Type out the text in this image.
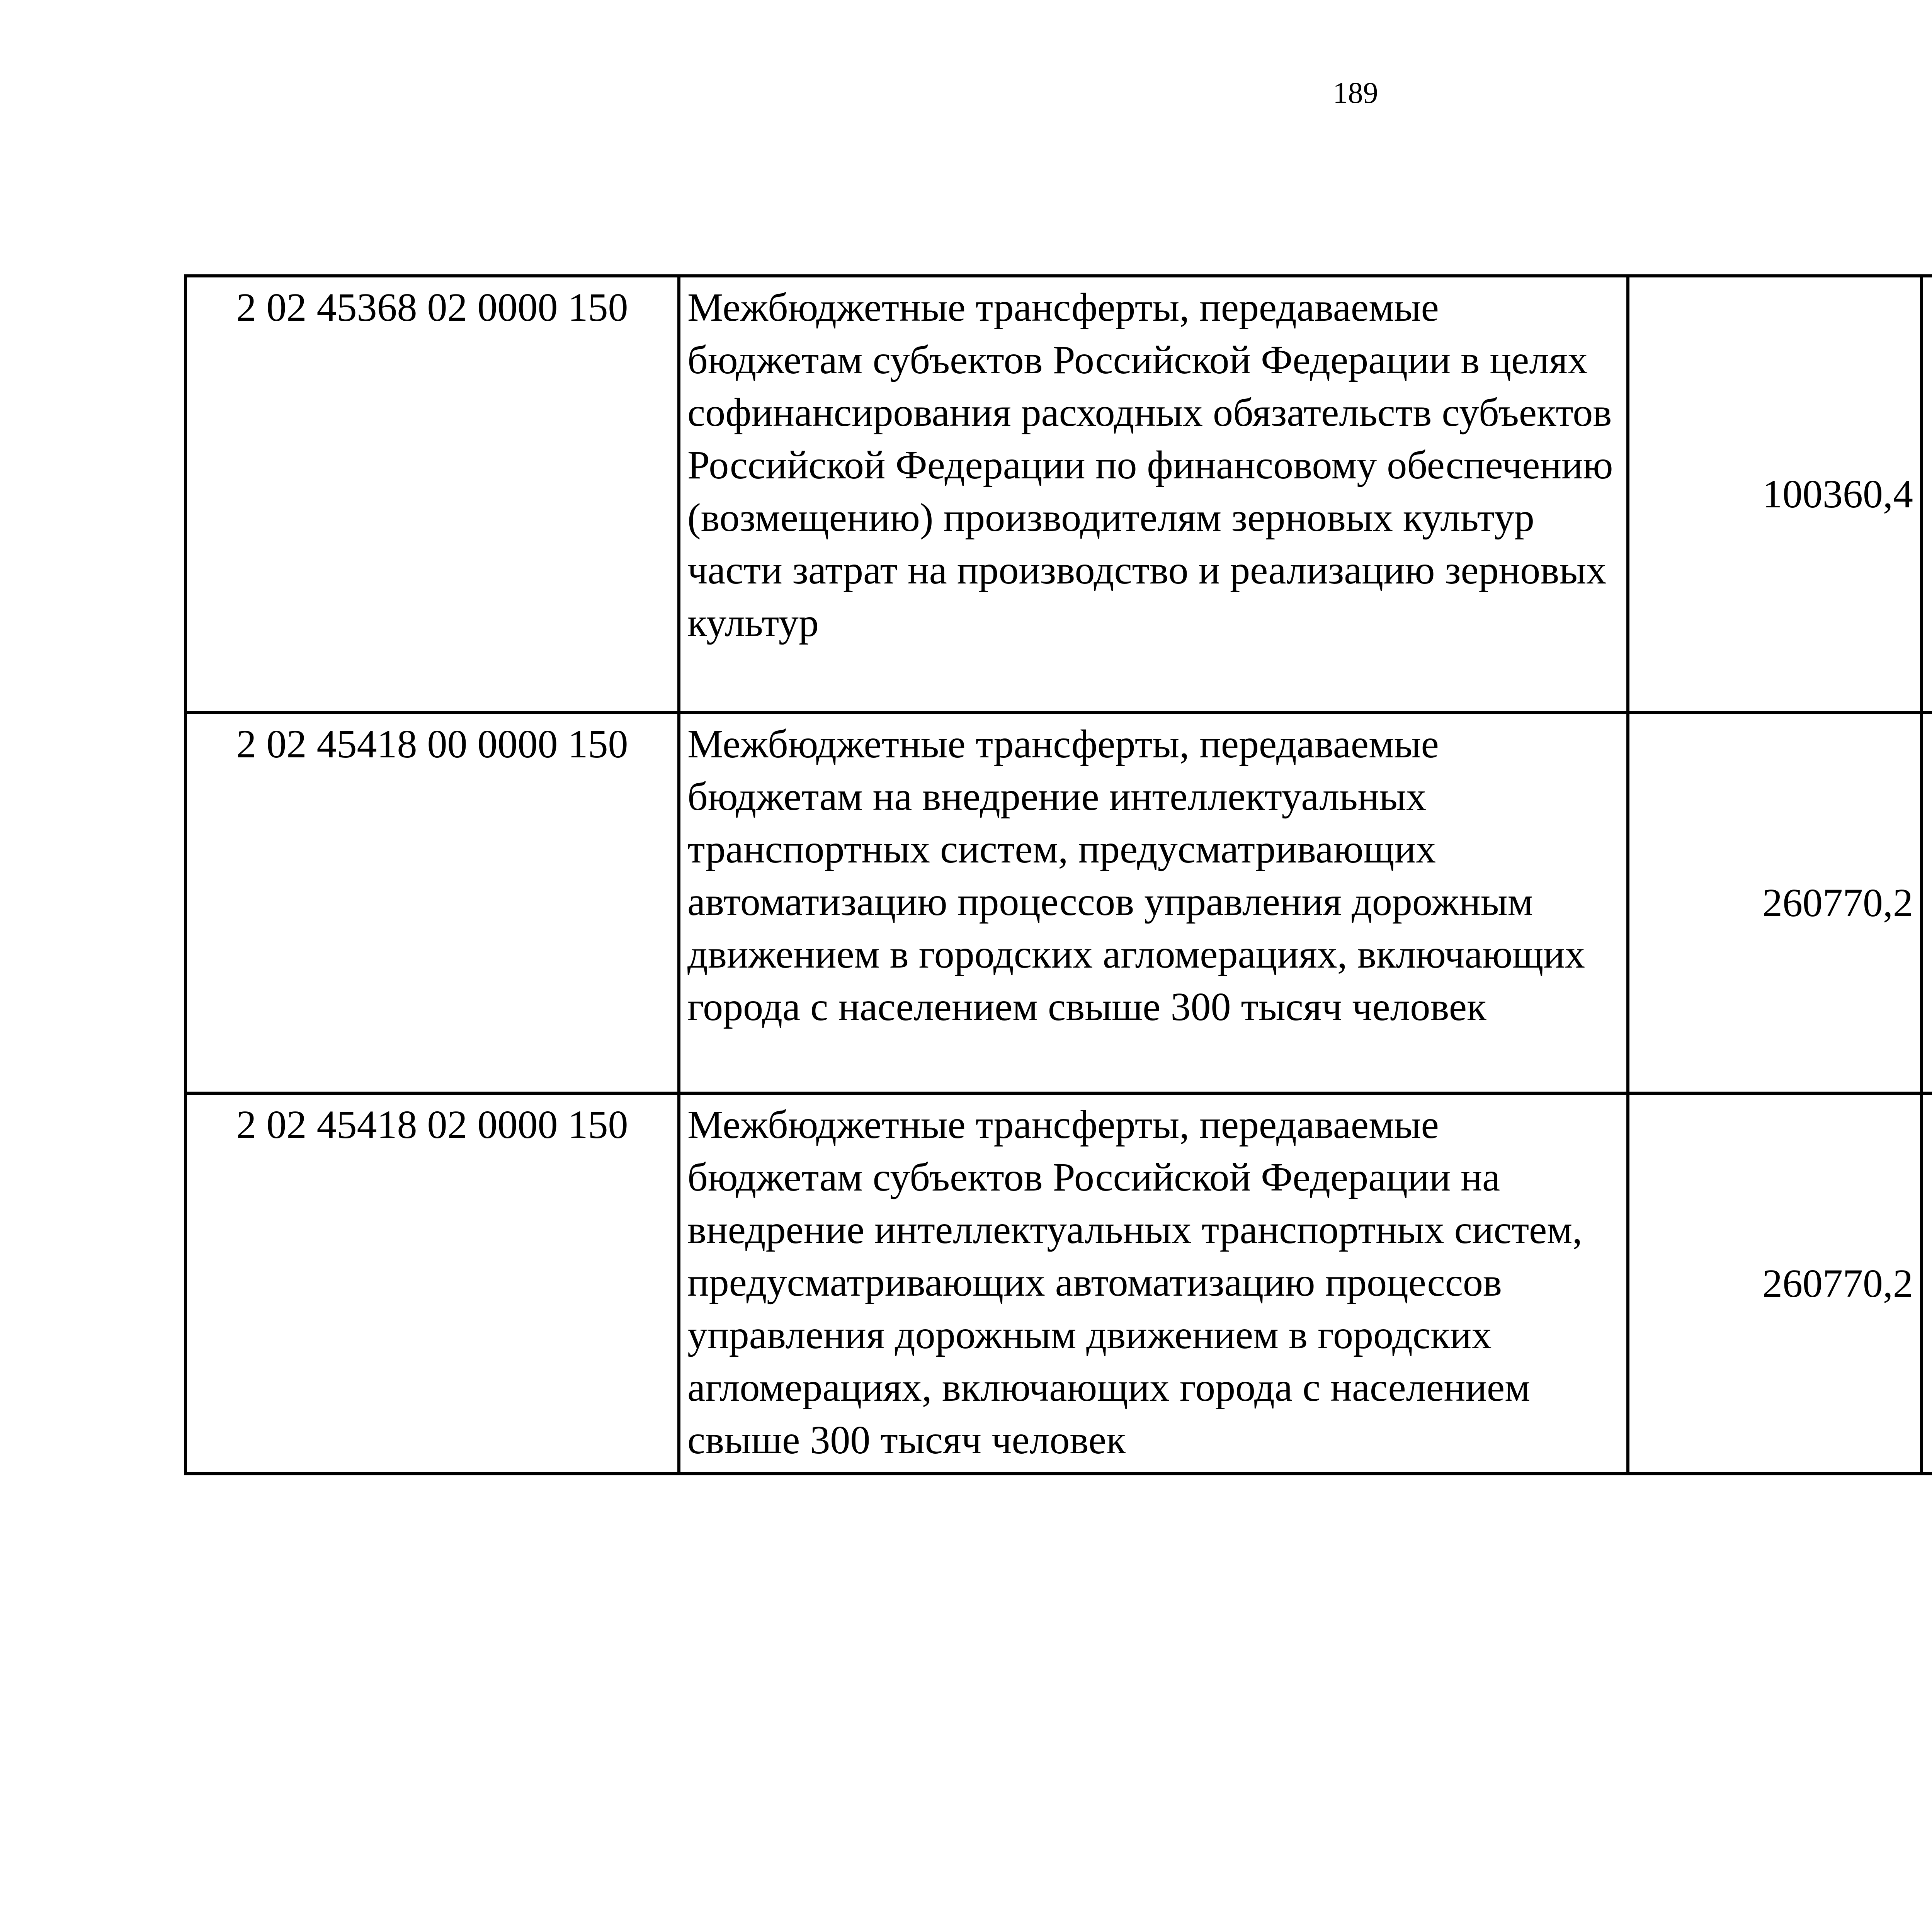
189
2 02 45368 02 0000 150	Межбюджетные трансферты, передаваемые бюджетам субъектов Российской Федерации в целях софинансирования расходных обязательств субъектов Российской Федерации по финансовому обеспечению (возмещению) производителям зерновых культур части затрат на производство и реализацию зерновых культур	100360,4		
2 02 45418 00 0000 150	Межбюджетные трансферты, передаваемые бюджетам на внедрение интеллектуальных транспортных систем, предусматривающих автоматизацию процессов управления дорожным движением в городских агломерациях, включающих города с населением свыше 300 тысяч человек	260770,2		
2 02 45418 02 0000 150	Межбюджетные трансферты, передаваемые бюджетам субъектов Российской Федерации на внедрение интеллектуальных транспортных систем, предусматривающих автоматизацию процессов управления дорожным движением в городских агломерациях, включающих города с населением свыше 300 тысяч человек	260770,2		
